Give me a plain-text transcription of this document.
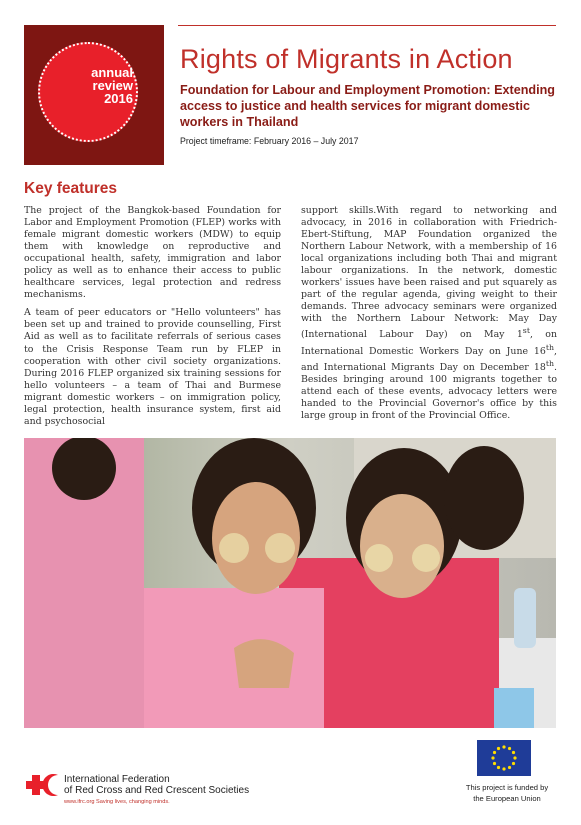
annual
review
2016
Rights of Migrants in Action
Foundation for Labour and Employment Promotion: Extending access to justice and health services for migrant domestic workers in Thailand
Project timeframe: February 2016 – July 2017
Key features

The project of the Bangkok-based Foundation for Labor and Employment Promotion (FLEP) works with female migrant domestic workers (MDW) to equip them with knowledge on reproductive and occupational health, safety, immigration and labor policy as well as to enhance their access to public healthcare services, legal protection and redress mechanisms.

A team of peer educators or "Hello volunteers" has been set up and trained to provide counselling, First Aid as well as to facilitate referrals of serious cases to the Crisis Response Team run by FLEP in cooperation with other civil society organizations. During 2016 FLEP organized six training sessions for hello volunteers – a team of Thai and Burmese migrant domestic workers – on immigration policy, legal protection, health insurance system, first aid and psychosocial

support skills.With regard to networking and advocacy, in 2016 in collaboration with Friedrich-Ebert-Stiftung, MAP Foundation organized the Northern Labour Network, with a membership of 16 local organizations including both Thai and migrant labour organizations. In the network, domestic workers' issues have been raised and put squarely as part of the regular agenda, giving weight to their demands. Three advocacy seminars were organized with the Northern Labour Network: May Day (International Labour Day) on May 1st, on International Domestic Workers Day on June 16th, and International Migrants Day on December 18th. Besides bringing around 100 migrants together to attend each of these events, advocacy letters were handed to the Provincial Governor's office by this large group in front of the Provincial Office.

International Federation
of Red Cross and Red Crescent Societies
www.ifrc.org Saving lives, changing minds.
This project is funded by
the European Union
